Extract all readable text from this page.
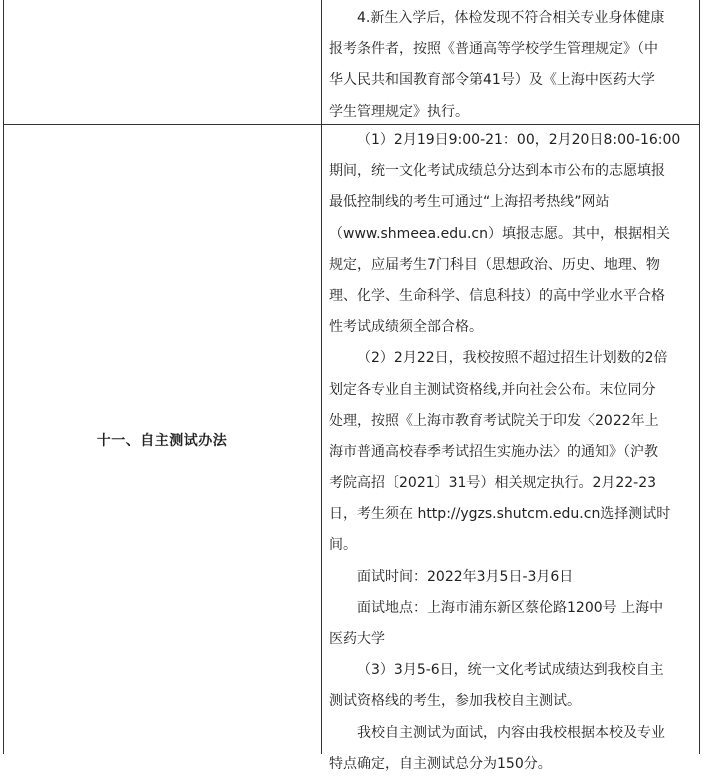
4.新生入学后，体检发现不符合相关专业身体健康
报考条件者，按照《普通高等学校学生管理规定》（中
华人民共和国教育部令第41号）及《上海中医药大学
学生管理规定》执行。
十一、自主测试办法
（1）2月19日9:00-21：00，2月20日8:00-16:00
期间，统一文化考试成绩总分达到本市公布的志愿填报
最低控制线的考生可通过“上海招考热线”网站
（www.shmeea.edu.cn）填报志愿。其中，根据相关
规定，应届考生7门科目（思想政治、历史、地理、物
理、化学、生命科学、信息科技）的高中学业水平合格
性考试成绩须全部合格。
（2）2月22日，我校按照不超过招生计划数的2倍
划定各专业自主测试资格线,并向社会公布。末位同分
处理，按照《上海市教育考试院关于印发〈2022年上
海市普通高校春季考试招生实施办法〉的通知》（沪教
考院高招〔2021〕31号）相关规定执行。2月22-23
日，考生须在 http://ygzs.shutcm.edu.cn选择测试时
间。
面试时间：2022年3月5日-3月6日
面试地点：上海市浦东新区蔡伦路1200号 上海中
医药大学
（3）3月5-6日，统一文化考试成绩达到我校自主
测试资格线的考生，参加我校自主测试。
我校自主测试为面试，内容由我校根据本校及专业
特点确定，自主测试总分为150分。
